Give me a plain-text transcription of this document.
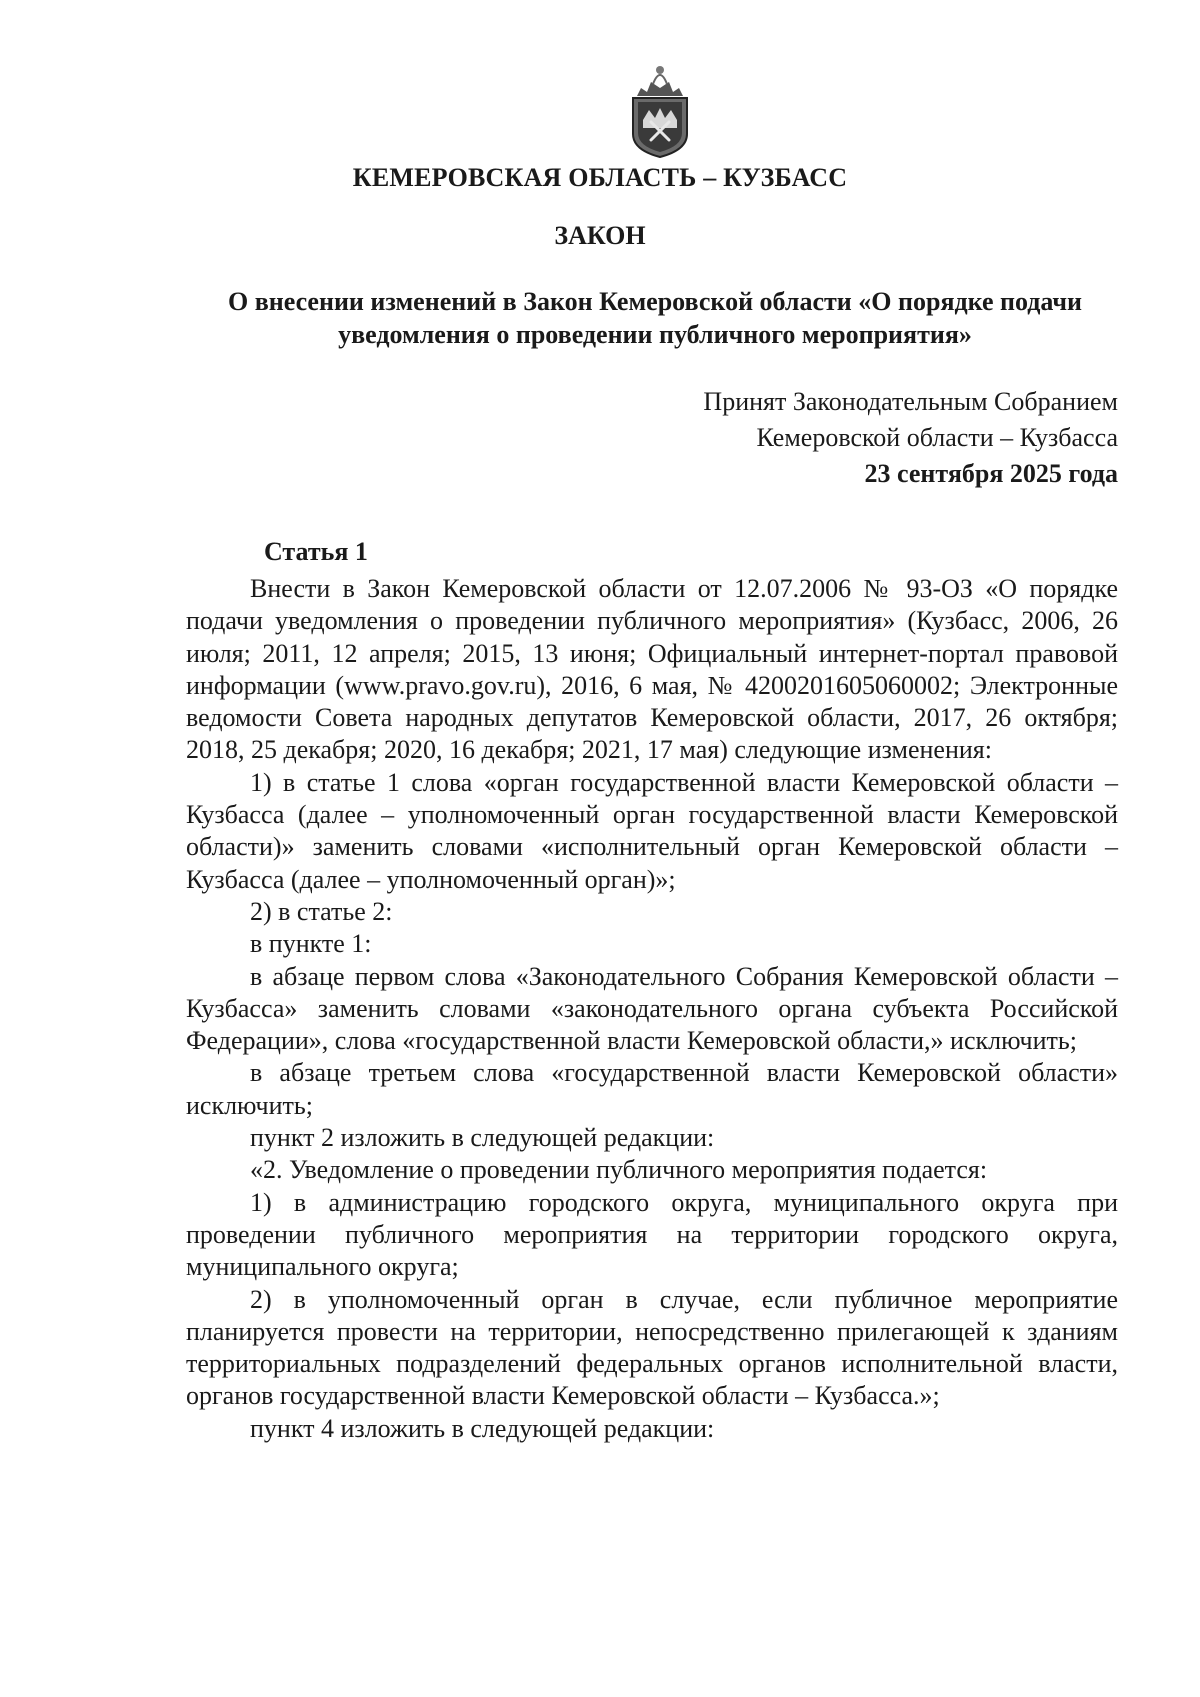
КЕМЕРОВСКАЯ ОБЛАСТЬ – КУЗБАСС
ЗАКОН
О внесении изменений в Закон Кемеровской области «О порядке подачи
уведомления о проведении публичного мероприятия»
Принят Законодательным Собранием
Кемеровской области – Кузбасса
23 сентября 2025 года
Статья 1

Внести в Закон Кемеровской области от 12.07.2006 № 93-ОЗ «О порядке подачи уведомления о проведении публичного мероприятия» (Кузбасс, 2006, 26 июля; 2011, 12 апреля; 2015, 13 июня; Официальный интернет-портал правовой информации (www.pravo.gov.ru), 2016, 6 мая, № 4200201605060002; Электронные ведомости Совета народных депутатов Кемеровской области, 2017, 26 октября; 2018, 25 декабря; 2020, 16 декабря; 2021, 17 мая) следующие изменения:

1) в статье 1 слова «орган государственной власти Кемеровской области – Кузбасса (далее – уполномоченный орган государственной власти Кемеровской области)» заменить словами «исполнительный орган Кемеровской области – Кузбасса (далее – уполномоченный орган)»;

2) в статье 2:

в пункте 1:

в абзаце первом слова «Законодательного Собрания Кемеровской области – Кузбасса» заменить словами «законодательного органа субъекта Российской Федерации», слова «государственной власти Кемеровской области,» исключить;

в абзаце третьем слова «государственной власти Кемеровской области» исключить;

пункт 2 изложить в следующей редакции:

«2. Уведомление о проведении публичного мероприятия подается:

1) в администрацию городского округа, муниципального округа при проведении публичного мероприятия на территории городского округа, муниципального округа;

2) в уполномоченный орган в случае, если публичное мероприятие планируется провести на территории, непосредственно прилегающей к зданиям территориальных подразделений федеральных органов исполнительной власти, органов государственной власти Кемеровской области – Кузбасса.»;

пункт 4 изложить в следующей редакции:
